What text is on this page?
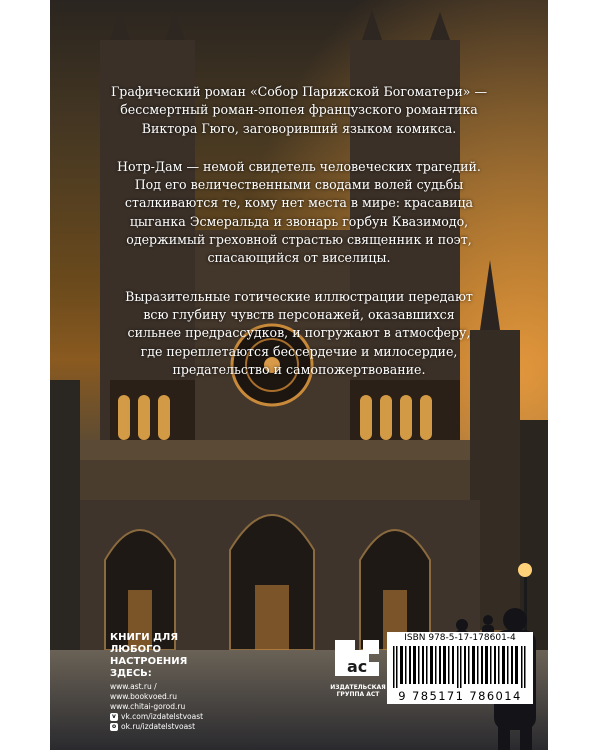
Графический роман «Собор Парижской Богоматери» —
бессмертный роман-эпопея французского романтика
Виктора Гюго, заговоривший языком комикса.

Нотр-Дам — немой свидетель человеческих трагедий.
Под его величественными сводами волей судьбы
сталкиваются те, кому нет места в мире: красавица
цыганка Эсмеральда и звонарь горбун Квазимодо,
одержимый греховной страстью священник и поэт,
спасающийся от виселицы.

Выразительные готические иллюстрации передают
всю глубину чувств персонажей, оказавшихся
сильнее предрассудков, и погружают в атмосферу,
где переплетаются бессердечие и милосердие,
предательство и самопожертвование.

КНИГИ ДЛЯ ЛЮБОГО
НАСТРОЕНИЯ ЗДЕСЬ:
www.ast.ru / www.bookvoed.ru
www.chitai-gorod.ru
v vk.com/izdatelstvoast
o ok.ru/izdatelstvoast
ac
ИЗДАТЕЛЬСКАЯ
ГРУППА АСТ
ISBN 978-5-17-178601-4
9 785171 786014
